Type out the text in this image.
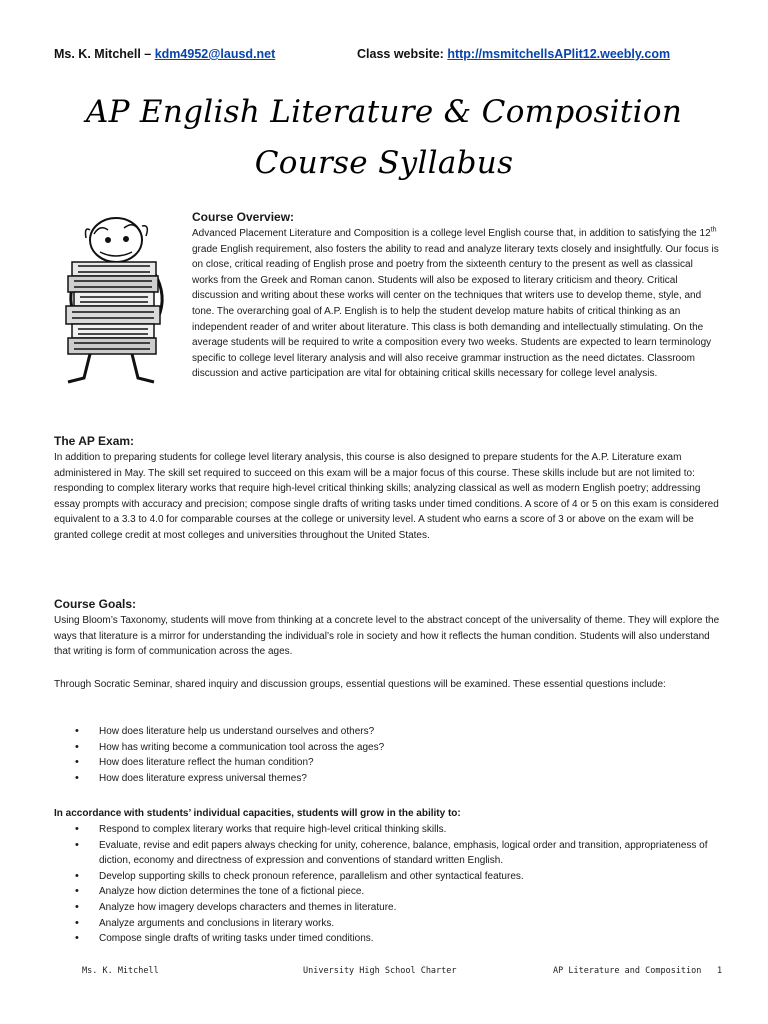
Ms. K. Mitchell – kdm4952@lausd.net	Class website: http://msmitchellsAPlit12.weebly.com
AP English Literature & Composition
Course Syllabus
Course Overview:

Advanced Placement Literature and Composition is a college level English course that, in addition to satisfying the 12th grade English requirement, also fosters the ability to read and analyze literary texts closely and insightfully. Our focus is on close, critical reading of English prose and poetry from the sixteenth century to the present as well as classical works from the Greek and Roman canon. Students will also be exposed to literary criticism and theory. Critical discussion and writing about these works will center on the techniques that writers use to develop theme, style, and tone. The overarching goal of A.P. English is to help the student develop mature habits of critical thinking as an independent reader of and writer about literature. This class is both demanding and intellectually stimulating. On the average students will be required to write a composition every two weeks. Students are expected to learn terminology specific to college level literary analysis and will also receive grammar instruction as the need dictates. Classroom discussion and active participation are vital for obtaining critical skills necessary for college level analysis.

The AP Exam:
In addition to preparing students for college level literary analysis, this course is also designed to prepare students for the A.P. Literature exam administered in May. The skill set required to succeed on this exam will be a major focus of this course. These skills include but are not limited to: responding to complex literary works that require high-level critical thinking skills; analyzing classical as well as modern English poetry; addressing essay prompts with accuracy and precision; compose single drafts of writing tasks under timed conditions. A score of 4 or 5 on this exam is considered equivalent to a 3.3 to 4.0 for comparable courses at the college or university level. A student who earns a score of 3 or above on the exam will be granted college credit at most colleges and universities throughout the United States.
Course Goals:
Using Bloom’s Taxonomy, students will move from thinking at a concrete level to the abstract concept of the universality of theme. They will explore the ways that literature is a mirror for understanding the individual’s role in society and how it reflects the human condition. Students will also understand that writing is form of communication across the ages.
Through Socratic Seminar, shared inquiry and discussion groups, essential questions will be examined. These essential questions include:
• How does literature help us understand ourselves and others?
• How has writing become a communication tool across the ages?
• How does literature reflect the human condition?
• How does literature express universal themes?
In accordance with students’ individual capacities, students will grow in the ability to:
• Respond to complex literary works that require high-level critical thinking skills.
• Evaluate, revise and edit papers always checking for unity, coherence, balance, emphasis, logical order and transition, appropriateness of diction, economy and directness of expression and conventions of standard written English.
• Develop supporting skills to check pronoun reference, parallelism and other syntactical features.
• Analyze how diction determines the tone of a fictional piece.
• Analyze how imagery develops characters and themes in literature.
• Analyze arguments and conclusions in literary works.
• Compose single drafts of writing tasks under timed conditions.
Ms. K. Mitchell	University High School Charter	AP Literature and Composition 1
